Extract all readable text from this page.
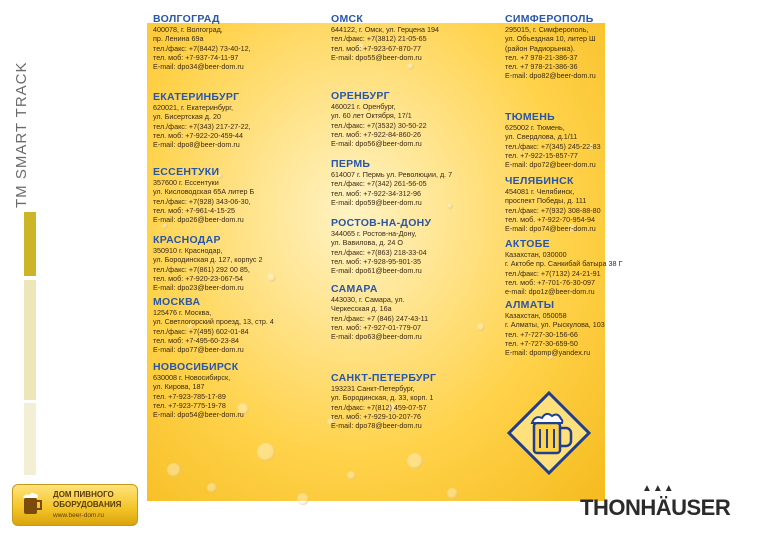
TM SMART TRACK
ВОЛГОГРАД
400078, г. Волгоград,
пр. Ленина 69а
тел./факс: +7(8442) 73-40-12,
тел. моб: +7-937-74-11-97
E-mail: dpo34@beer-dom.ru
ЕКАТЕРИНБУРГ
620021, г. Екатеринбург,
ул. Бисертская д. 20
тел./факс: +7(343) 217-27-22,
тел. моб: +7-922-20-459-44
E-mail: dpo8@beer-dom.ru
ЕССЕНТУКИ
357600 г. Ессентуки
ул. Кисловодская 65А литер Б
тел./факс: +7(928) 343-06-30,
тел. моб: +7-961-4-15-25
E-mail: dpo26@beer-dom.ru
КРАСНОДАР
350910 г. Краснодар,
ул. Бородинская д. 127, корпус 2
тел./факс: +7(861) 292 00 85,
тел. моб: +7-920-23-067-54
E-mail: dpo23@beer-dom.ru
МОСКВА
125476 г. Москва,
ул. Светлогорский проезд, 13, стр. 4
тел./факс: +7(495) 602-01-84
тел. моб: +7-495-60-23-84
E-mail: dpo77@beer-dom.ru
НОВОСИБИРСК
630008 г. Новосибирск,
ул. Кирова, 187
тел. +7-923-785-17-89
тел. +7-923-775-19-78
E-mail: dpo54@beer-dom.ru
ОМСК
644122, г. Омск, ул. Герцена 194
тел./факс: +7(3812) 21-05-65
тел. моб: +7-923-67-870-77
E-mail: dpo55@beer-dom.ru
ОРЕНБУРГ
460021 г. Оренбург,
ул. 60 лет Октября, 17/1
тел./факс: +7(3532) 30-50-22
тел. моб: +7-922-84-860-26
E-mail: dpo56@beer-dom.ru
ПЕРМЬ
614007 г. Пермь ул. Революции, д. 7
тел./факс: +7(342) 261-56-05
тел. моб: +7-922-34-312-96
E-mail: dpo59@beer-dom.ru
РОСТОВ-НА-ДОНУ
344065 г. Ростов-на-Дону,
ул. Вавилова, д. 24 О
тел./факс: +7(863) 218-33-04
тел. моб: +7-928-95-901-35
E-mail: dpo61@beer-dom.ru
САМАРА
443030, г. Самара, ул.
Черкесская д. 16а
тел./факс: +7 (846) 247-43-11
тел. моб: +7-927-01-779-07
E-mail: dpo63@beer-dom.ru
САНКТ-ПЕТЕРБУРГ
193231 Санкт-Петербург,
ул. Бородинская, д. 33, корп. 1
тел./факс: +7(812) 459-07-57
тел. моб: +7-929-10-207-76
E-mail: dpo78@beer-dom.ru
СИМФЕРОПОЛЬ
295015, г. Симферополь,
ул. Объездная 10, литер Ш
(район Радиорынка).
тел. +7 978-21-386-37
тел. +7 978-21-386-36
E-mail: dpo82@beer-dom.ru
ТЮМЕНЬ
625002 г. Тюмень,
ул. Свердлова, д.1/11
тел./факс: +7(345) 245-22-83
тел. +7-922-15-857-77
E-mail: dpo72@beer-dom.ru
ЧЕЛЯБИНСК
454081 г. Челябинск,
проспект Победы, д. 111
тел./факс: +7(932) 308-88-80
тел. моб. +7-922-70-954-94
E-mail: dpo74@beer-dom.ru
АКТОБЕ
Казахстан, 030000
г. Актобе пр. Санкибай батыра 38 Г
тел./факс: +7(7132) 24-21-91
тел. моб: +7-701-76-30-097
e-mail: dpo1z@beer-dom.ru
АЛМАТЫ
Казахстан, 050058
г. Алматы, ул. Рыскулова, 103
тел. +7-727-30-156-66
тел. +7-727-30-659-50
E-mail: dpomp@yandex.ru
ДОМ ПИВНОГО
ОБОРУДОВАНИЯ
www.beer-dom.ru
▲▲▲
THONHÄUSER
